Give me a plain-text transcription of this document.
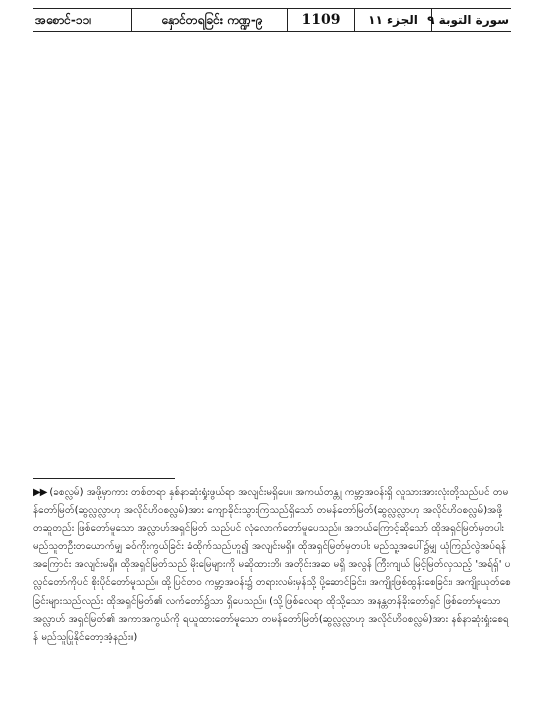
အစောင်-၁၁၊	နှောင်တရခြင်း ကဏ္ဍ-၉	1109	الجزء ۱۱ سورة التوبة ۹
▶▶ (ခစလ္လမ်) အဖို့မှာကား တစ်တရာ နှစ်နာဆုံးရှုံးဖွယ်ရာ အလျင်းမရှိပေ။ အကယ်တန္တု ကမ္ဘာ့အဝန်းရှိ လူသားအားလုံးတို့သည်ပင် တမန်တော်မြတ်(ဆွလ္လလ္လာဟု အလိုင်ဟိဝစလ္လမ်)အား ကျောခိုင်းသွားကြသည်ရှိသော် တမန်တော်မြတ်(ဆွလ္လလ္လာဟု အလိုင်ဟိဝစလ္လမ်)အဖို့ တဆူတည်း ဖြစ်တော်မူသော အလ္လာဟ်အရှင်မြတ် သည်ပင် လုံလောက်တော်မူပေသည်။ အဘယ်ကြောင့်ဆိုသော် ထိုအရှင်မြတ်မှတပါး မည်သူတဦးတယောက်မျှ ခဝ်ကိုးကွယ်ခြင်း ခံထိုက်သည်ဟူ၍ အလျင်းမရှိ။ ထိုအရှင်မြတ်မှတပါး မည်သူ့အပေါ်၌မျှ ယုံကြည်လွဲအပ်ရန် အကြောင်း အလျင်းမရှိ။ ထိုအရှင်မြတ်သည် မိုးမြေများကို မဆိုထားဘိ၊ အတိုင်းအဆ မရှိ အလွန် ကြီးကျယ် မြင့်မြတ်လှသည့် 'အရ်ရှ်' ပလ္လင်တော်ကိုပင် စိုးပိုင်တော်မူသည်။ ထို့ပြင်တဝ ကမ္ဘာ့အဝန်း၌ တရားလမ်းမှန်သို့ ပို့ဆောင်ခြင်း၊ အကျိုးဖြစ်ထွန်းစေခြင်း၊ အကျိုးယုတ်စေခြင်းများသည်လည်း ထိုအရှင်မြတ်၏ လက်တော်၌သာ ရှိပေသည်။ (သို့ဖြစ်လေရာ ထိုသို့သော အနန္တတန်ခိုးတော်ရှင် ဖြစ်တော်မူသော အလ္လာဟ် အရှင်မြတ်၏ အကာအကွယ်ကို ရယူထားတော်မူသော တမန်တော်မြတ်(ဆွလ္လလ္လာဟု အလိုင်ဟိဝစလ္လမ်)အား နစ်နာဆုံးရှုံးစေရန် မည်သူပြုနိုင်တော့အံ့နည်း။)
